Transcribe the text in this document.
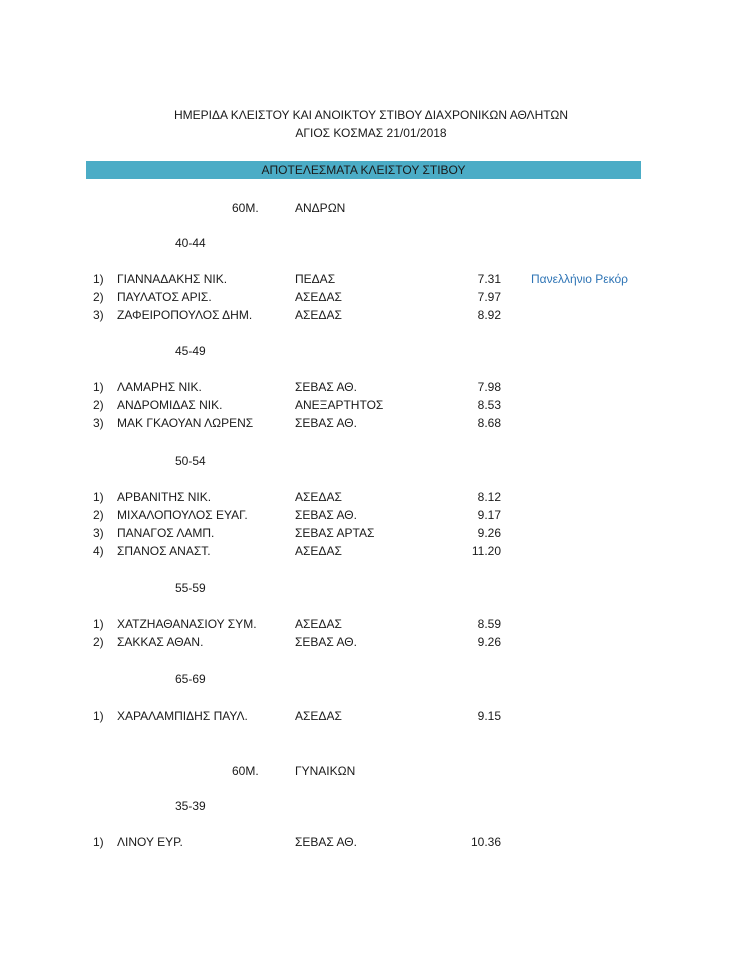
ΗΜΕΡΙΔΑ ΚΛΕΙΣΤΟΥ ΚΑΙ ΑΝΟΙΚΤΟΥ ΣΤΙΒΟΥ ΔΙΑΧΡΟΝΙΚΩΝ ΑΘΛΗΤΩΝ
ΑΓΙΟΣ ΚΟΣΜΑΣ 21/01/2018
ΑΠΟΤΕΛΕΣΜΑΤΑ ΚΛΕΙΣΤΟΥ ΣΤΙΒΟΥ
60Μ.	ΑΝΔΡΩΝ
40-44
1) ΓΙΑΝΝΑΔΑΚΗΣ ΝΙΚ.	ΠΕΔΑΣ	7.31	Πανελλήνιο Ρεκόρ
2) ΠΑΥΛΑΤΟΣ ΑΡΙΣ.	ΑΣΕΔΑΣ	7.97
3) ΖΑΦΕΙΡΟΠΟΥΛΟΣ ΔΗΜ.	ΑΣΕΔΑΣ	8.92
45-49
1) ΛΑΜΑΡΗΣ ΝΙΚ.	ΣΕΒΑΣ ΑΘ.	7.98
2) ΑΝΔΡΟΜΙΔΑΣ ΝΙΚ.	ΑΝΕΞΑΡΤΗΤΟΣ	8.53
3) ΜΑΚ ΓΚΑΟΥΑΝ ΛΩΡΕΝΣ	ΣΕΒΑΣ ΑΘ.	8.68
50-54
1) ΑΡΒΑΝΙΤΗΣ ΝΙΚ.	ΑΣΕΔΑΣ	8.12
2) ΜΙΧΑΛΟΠΟΥΛΟΣ ΕΥΑΓ.	ΣΕΒΑΣ ΑΘ.	9.17
3) ΠΑΝΑΓΟΣ ΛΑΜΠ.	ΣΕΒΑΣ ΑΡΤΑΣ	9.26
4) ΣΠΑΝΟΣ ΑΝΑΣΤ.	ΑΣΕΔΑΣ	11.20
55-59
1) ΧΑΤΖΗΑΘΑΝΑΣΙΟΥ ΣΥΜ.	ΑΣΕΔΑΣ	8.59
2) ΣΑΚΚΑΣ ΑΘΑΝ.	ΣΕΒΑΣ ΑΘ.	9.26
65-69
1) ΧΑΡΑΛΑΜΠΙΔΗΣ ΠΑΥΛ.	ΑΣΕΔΑΣ	9.15
60Μ.	ΓΥΝΑΙΚΩΝ
35-39
1) ΛΙΝΟΥ ΕΥΡ.	ΣΕΒΑΣ ΑΘ.	10.36
